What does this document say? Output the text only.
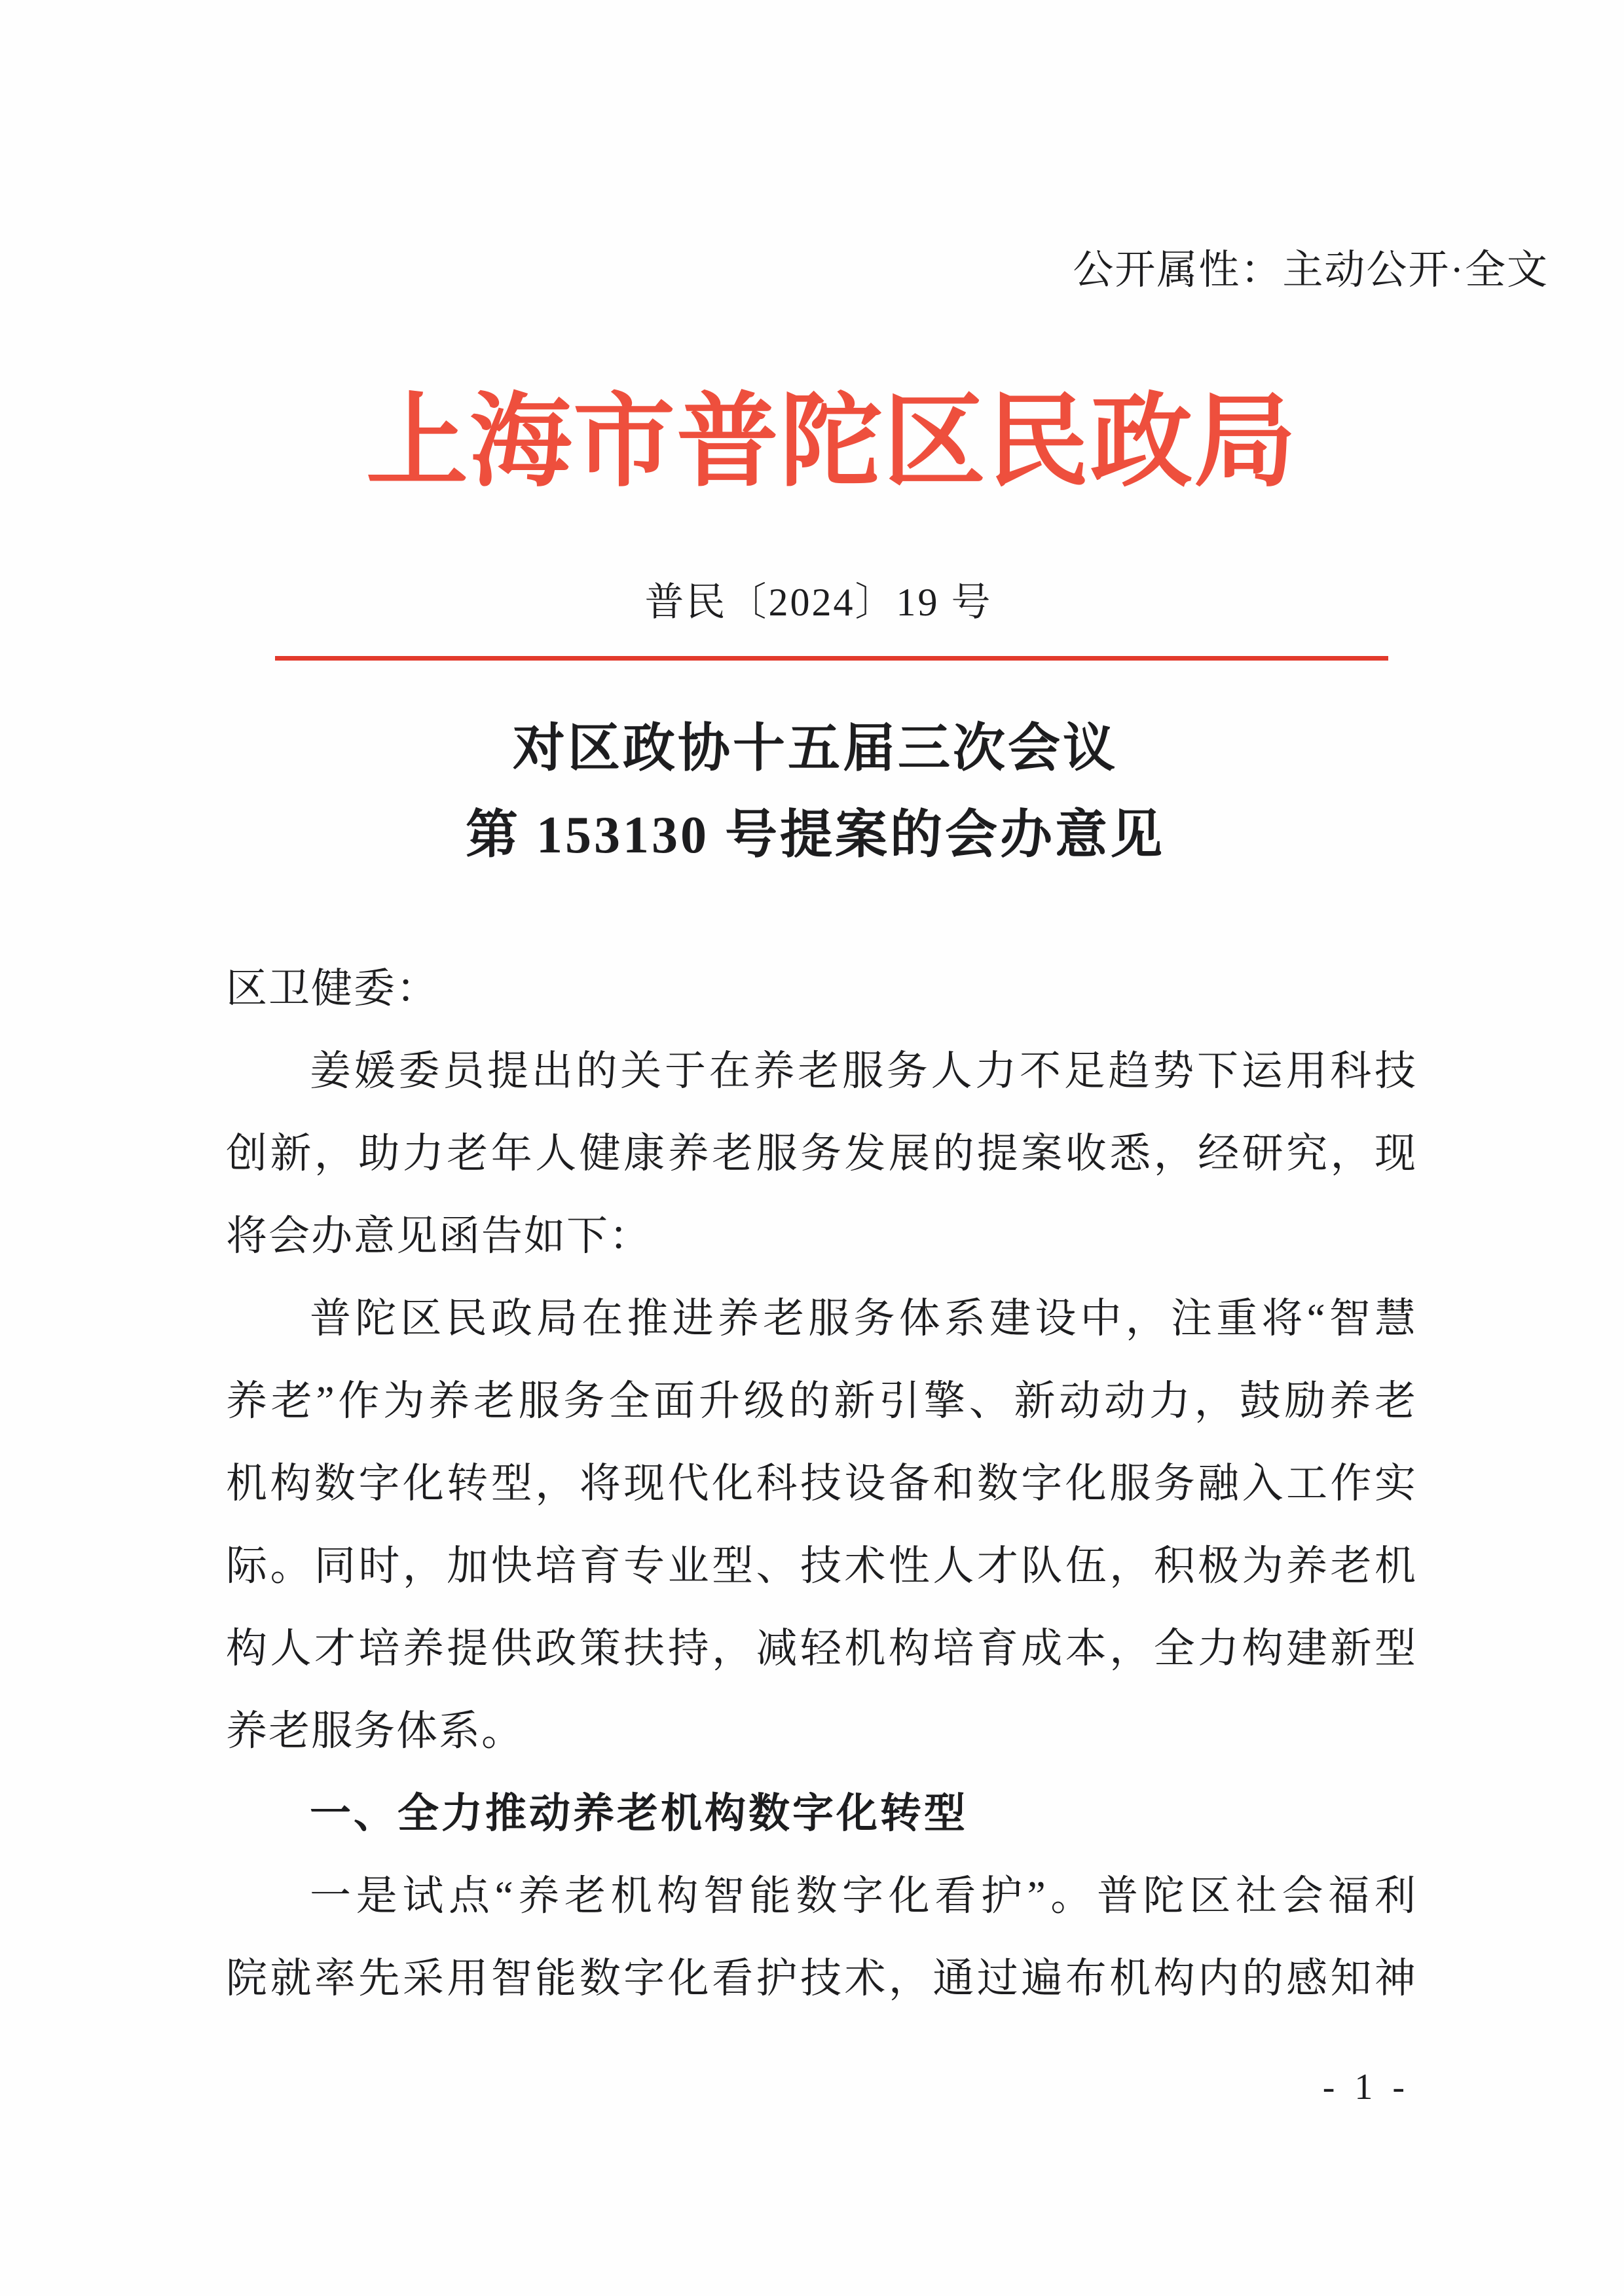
公开属性：主动公开·全文
上海市普陀区民政局
普民〔2024〕19 号
对区政协十五届三次会议
第 153130 号提案的会办意见
区卫健委：
姜媛委员提出的关于在养老服务人力不足趋势下运用科技
创新，助力老年人健康养老服务发展的提案收悉，经研究，现
将会办意见函告如下：
普陀区民政局在推进养老服务体系建设中，注重将“智慧
养老”作为养老服务全面升级的新引擎、新动动力，鼓励养老
机构数字化转型，将现代化科技设备和数字化服务融入工作实
际。同时，加快培育专业型、技术性人才队伍，积极为养老机
构人才培养提供政策扶持，减轻机构培育成本，全力构建新型
养老服务体系。
一、全力推动养老机构数字化转型
一是试点“养老机构智能数字化看护”。普陀区社会福利
院就率先采用智能数字化看护技术，通过遍布机构内的感知神
- 1 -
